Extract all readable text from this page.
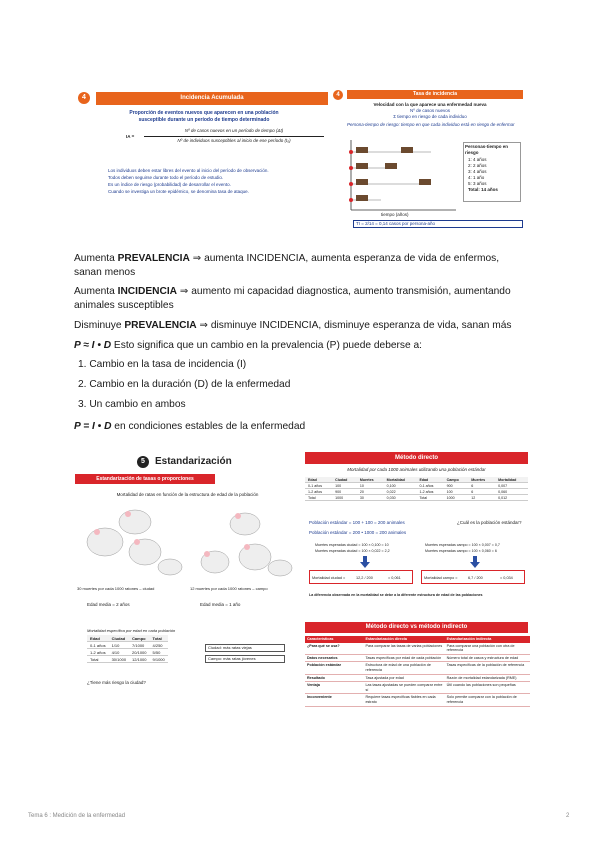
4	Incidencia Acumulada
Proporción de eventos nuevos que aparecen en una población
susceptible durante un período de tiempo determinado
IA =
Nº de casos nuevos en un período de tiempo (Δt)
Nº de individuos susceptibles al inicio de ese período (t₀)
Los individuos deben estar libres del evento al inicio del período de observación.
Todos deben seguirse durante todo el período de estudio.
Es un índice de riesgo (probabilidad) de desarrollar el evento.
Cuando se investiga un brote epidémico, se denomina tasa de ataque.
4	Tasa de incidencia
Velocidad con la que aparece una enfermedad nueva
Nº de casos nuevos
Σ tiempo en riesgo de cada individuo
Persona-tiempo de riesgo: tiempo en que cada individuo está en riesgo de enfermar
tiempo (años)
Personas-tiempo en riesgo
1: 4 años
2: 2 años
3: 4 años
4: 1 año
5: 3 años
Total: 14 años
TI = 2/14 = 0,14 casos por persona-año

Aumenta PREVALENCIA ⇒ aumenta INCIDENCIA, aumenta esperanza de vida de enfermos, sanan menos

Aumenta INCIDENCIA ⇒ aumento mi capacidad diagnostica, aumento transmisión, aumentando animales susceptibles

Disminuye PREVALENCIA ⇒ disminuye INCIDENCIA, disminuye esperanza de vida, sanan más

P ≈ I • D Esto significa que un cambio en la prevalencia (P) puede deberse a:

1. Cambio en la tasa de incidencia (I)
2. Cambio en la duración (D) de la enfermedad
3. Un cambio en ambos

P = I • D en condiciones estables de la enfermedad

5	Estandarización
Estandarización de tasas o proporciones
Mortalidad de ratas en función de la estructura de edad de la población
30 muertes por cada 1000 ratones – ciudad	12 muertes por cada 1000 ratones – campo
Edad media = 2 años	Edad media = 1 año
Mortalidad específica por edad en cada población
Edad	Ciudad	Campo	Total
0-1 años	1/10	7/1000	4/250
1-2 años	4/10	20/1000	5/50
Total	30/1000	12/1000	9/1000
Ciudad: más ratas viejas
Campo: más ratas jóvenes
¿Tiene más riesgo la ciudad?
Método directo
Mortalidad por cada 1000 animales utilizando una población estándar
Edad	Ciudad	Muertes	Mortalidad	Edad	Campo	Muertes	Mortalidad
0-1 años	100	10	0,100	0-1 años	900	6	0,007
1-2 años	900	20	0,022	1-2 años	100	6	0,060
Total	1000	30	0,030	Total	1000	12	0,012
Población estándar = 100 + 100 = 200 animales
Población estándar = 200 • 1000 = 200 animales
¿Cuál es la población estándar?
Muertes esperadas ciudad = 100 × 0,100 = 10
Muertes esperadas ciudad = 100 × 0,022 = 2,2
Muertes esperadas campo = 100 × 0,007 = 0,7
Muertes esperadas campo = 100 × 0,060 = 6
Mortalidad ciudad =	12,2 / 200	= 0,061	Mortalidad campo =	6,7 / 200	= 0,034
La diferencia observada en la mortalidad se debe a la diferente estructura de edad de las poblaciones
Método directo vs método indirecto
Características	Estandarización directa	Estandarización indirecta
¿Para qué se usa?	Para comparar las tasas de varias poblaciones	Para comparar una población con otra de referencia
Datos necesarios	Tasas específicas por edad de cada población	Número total de casos y estructura de edad
Población estándar	Estructura de edad de una población de referencia	Tasas específicas de la población de referencia
Resultado	Tasa ajustada por edad	Razón de mortalidad estandarizada (RME)
Ventaja	Las tasas ajustadas se pueden comparar entre sí	Útil cuando las poblaciones son pequeñas
Inconveniente	Requiere tasas específicas fiables en cada estrato	Solo permite comparar con la población de referencia
Tema 6 : Medición de la enfermedad	2
